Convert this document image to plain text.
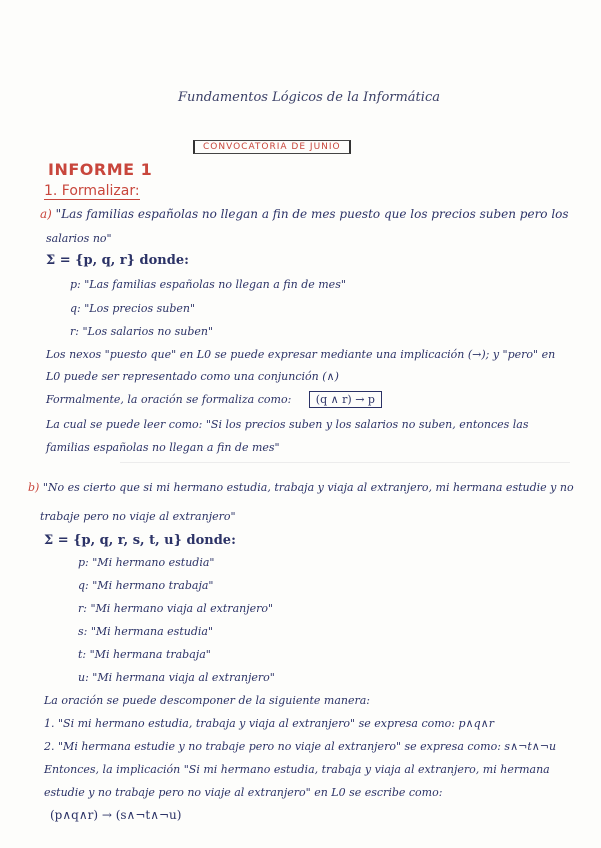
Fundamentos Lógicos de la Informática
CONVOCATORIA DE JUNIO
INFORME 1
1. Formalizar:
a) "Las familias españolas no llegan a fin de mes puesto que los precios suben pero los
salarios no"
Σ = {p, q, r} donde:
p: "Las familias españolas no llegan a fin de mes"
q: "Los precios suben"
r: "Los salarios no suben"
Los nexos "puesto que" en L0 se puede expresar mediante una implicación (→); y "pero" en
L0 puede ser representado como una conjunción (∧)
Formalmente, la oración se formaliza como: (q ∧ r) → p
La cual se puede leer como: "Si los precios suben y los salarios no suben, entonces las
familias españolas no llegan a fin de mes"
b) "No es cierto que si mi hermano estudia, trabaja y viaja al extranjero, mi hermana estudie y no
trabaje pero no viaje al extranjero"
Σ = {p, q, r, s, t, u} donde:
p: "Mi hermano estudia"
q: "Mi hermano trabaja"
r: "Mi hermano viaja al extranjero"
s: "Mi hermana estudia"
t: "Mi hermana trabaja"
u: "Mi hermana viaja al extranjero"
La oración se puede descomponer de la siguiente manera:
1. "Si mi hermano estudia, trabaja y viaja al extranjero" se expresa como: p∧q∧r
2. "Mi hermana estudie y no trabaje pero no viaje al extranjero" se expresa como: s∧¬t∧¬u
Entonces, la implicación "Si mi hermano estudia, trabaja y viaja al extranjero, mi hermana
estudie y no trabaje pero no viaje al extranjero" en L0 se escribe como:
(p∧q∧r) → (s∧¬t∧¬u)
